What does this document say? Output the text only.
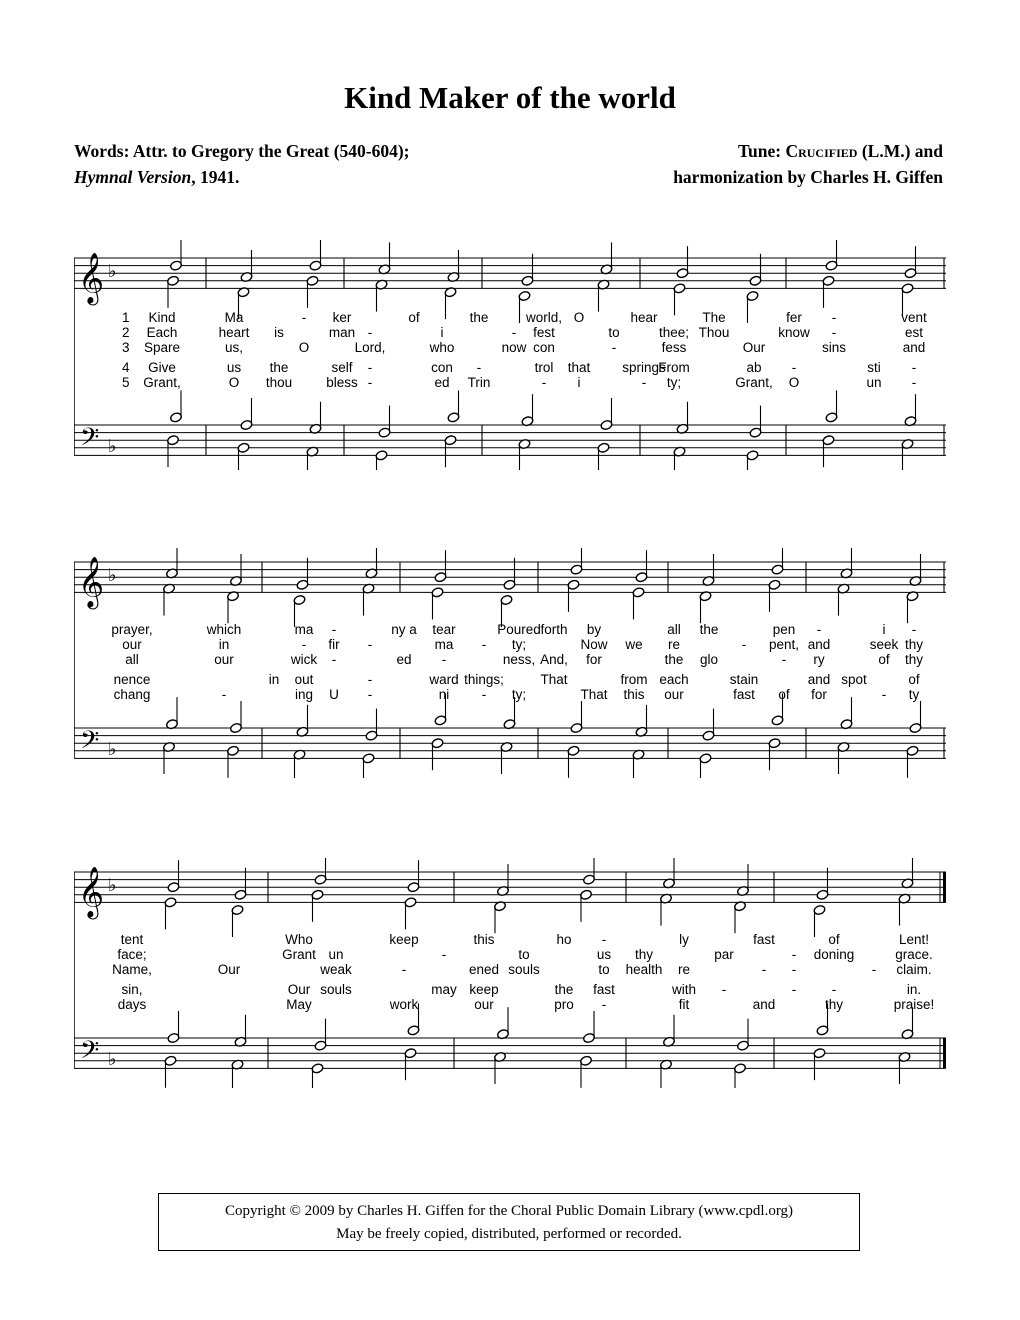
Kind Maker of the world
Words: Attr. to Gregory the Great (540-604);
Hymnal Version, 1941.
Tune: Crucified (L.M.) and
harmonization by Charles H. Giffen
𝄞
𝄢
♭
♭
1 Kind	Ma	- ker	of	the	world, O	hear	The	fer -	vent
2 Each	heart is	man -	i	- fest	to	thee; Thou	know -	est
3 Spare	us,	O	Lord,	who	now con	-	fess	Our	sins	and
4 Give	us the	self -	con -	trol that springs
From	ab -	sti -
5 Grant,	O thou	bless -	ed Trin	- i	- ty;	Grant, O	un -
𝄞
𝄢
♭
♭
prayer,	which	ma -	ny a tear	Poured forth by	all the	pen -	i -
our	in	- fir -	ma - ty;	Now we re	- pent, and	seek thy
all	our	wick -	ed -	ness, And, for	the glo	- ry	of thy
nence	in out	-	ward things;	That	from each	stain	and spot	of
chang	-	ing U -	ni - ty;	That this our	fast of for	- ty
𝄞
𝄢
♭
♭
tent	Who	keep	this	ho -	ly	fast	of	Lent!
face;	Grant un	-	to	us thy	par	- doning	grace.
Name,	Our	weak	-	ened souls	to health re	- -	- claim.
sin,	Our souls	may keep	the fast	with -	-	-	in.
days	May	work	our	pro -	fit	and	thy	praise!
Copyright © 2009 by Charles H. Giffen for the Choral Public Domain Library (www.cpdl.org)
May be freely copied, distributed, performed or recorded.
